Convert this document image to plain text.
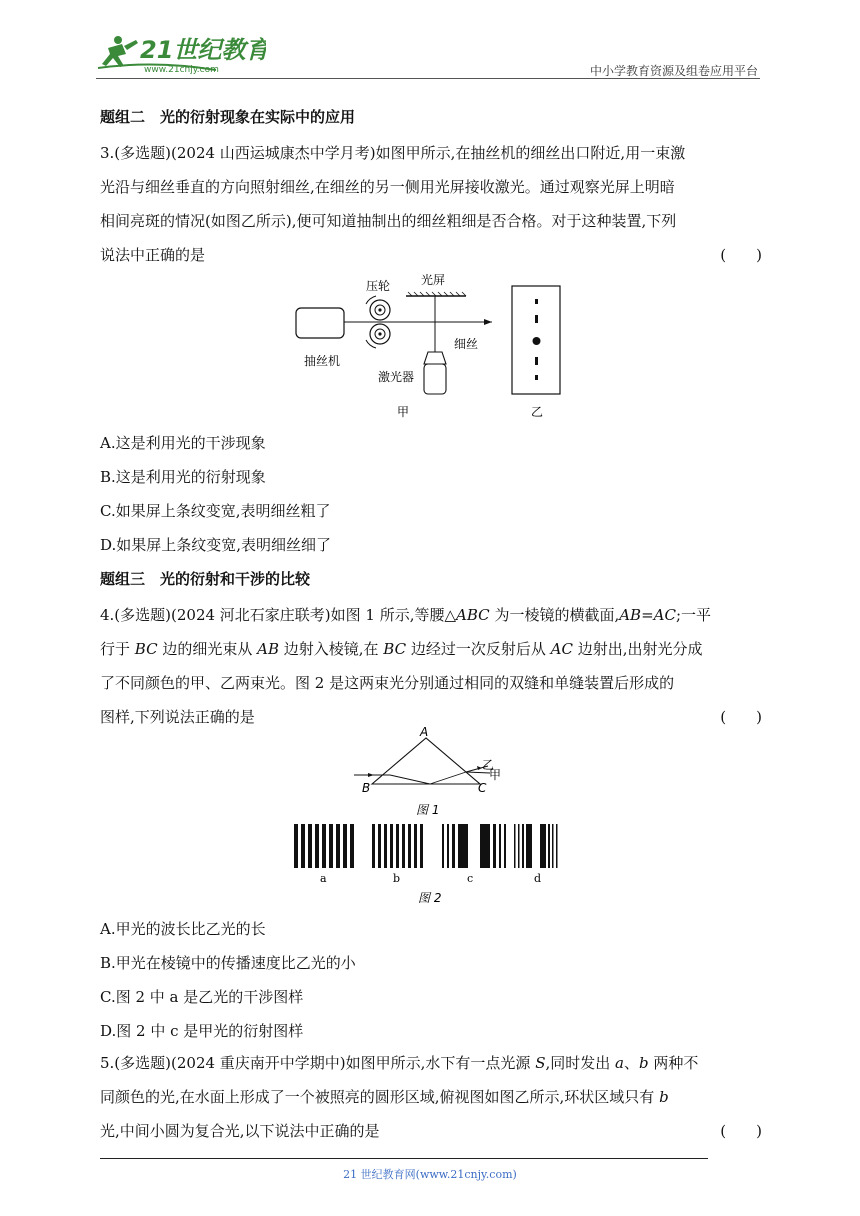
21世纪教育
www.21cnjy.com	中小学教育资源及组卷应用平台
题组二　光的衍射现象在实际中的应用
3.(多选题)(2024 山西运城康杰中学月考)如图甲所示,在抽丝机的细丝出口附近,用一束激
光沿与细丝垂直的方向照射细丝,在细丝的另一侧用光屏接收激光。通过观察光屏上明暗
相间亮斑的情况(如图乙所示),便可知道抽制出的细丝粗细是否合格。对于这种装置,下列
说法中正确的是	(　　)
抽丝机
压轮	光屏
细丝
激光器
甲	乙
A.这是利用光的干涉现象
B.这是利用光的衍射现象
C.如果屏上条纹变宽,表明细丝粗了
D.如果屏上条纹变宽,表明细丝细了
题组三　光的衍射和干涉的比较
4.(多选题)(2024 河北石家庄联考)如图 1 所示,等腰△ABC 为一棱镜的横截面,AB=AC;一平
行于 BC 边的细光束从 AB 边射入棱镜,在 BC 边经过一次反射后从 AC 边射出,出射光分成
了不同颜色的甲、乙两束光。图 2 是这两束光分别通过相同的双缝和单缝装置后形成的
图样,下列说法正确的是	(　　)
A
B	C
乙
甲
图 1
a	b	c	d
图 2
A.甲光的波长比乙光的长
B.甲光在棱镜中的传播速度比乙光的小
C.图 2 中 a 是乙光的干涉图样
D.图 2 中 c 是甲光的衍射图样
5.(多选题)(2024 重庆南开中学期中)如图甲所示,水下有一点光源 S,同时发出 a、b 两种不
同颜色的光,在水面上形成了一个被照亮的圆形区域,俯视图如图乙所示,环状区域只有 b
光,中间小圆为复合光,以下说法中正确的是	(　　)
21 世纪教育网(www.21cnjy.com)
